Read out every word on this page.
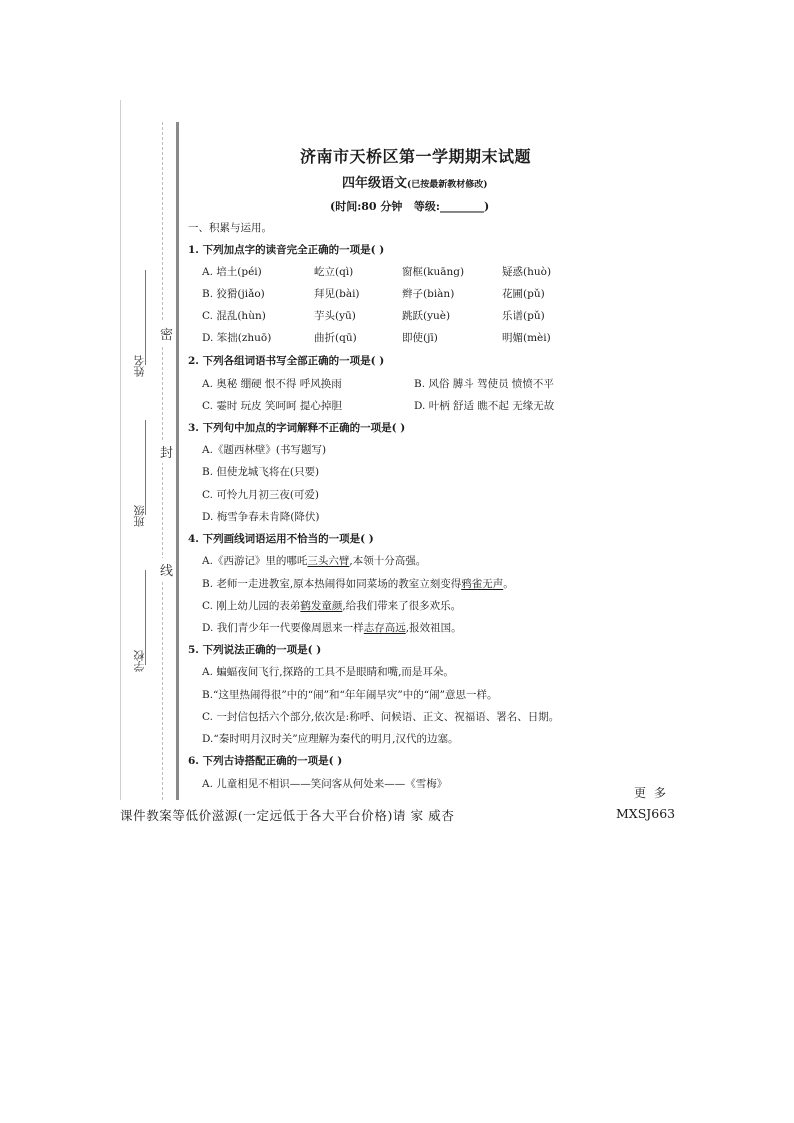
密
封
线
姓名
班级
学校
济南市天桥区第一学期期末试题
四年级语文(已按最新教材修改)
(时间:80 分钟   等级:________)
一、积累与运用。
1. 下列加点字的读音完全正确的一项是( )
A. 培土(péi)	屹立(qì)	窗框(kuāng)	疑惑(huò)
B. 狡猾(jiǎo)	拜见(bài)	辫子(biàn)	花圃(pǔ)
C. 混乱(hùn)	芋头(yū)	跳跃(yuè)	乐谱(pǔ)
D. 笨拙(zhuō)	曲折(qū)	即使(jī)	明媚(mèi)
2. 下列各组词语书写全部正确的一项是( )
A. 奥秘 绷硬 恨不得 呼风换雨	B. 风俗 膊斗 驾使员 愤愤不平
C. 霎时 玩皮 笑呵呵 提心掉胆	D. 叶柄 舒适 瞧不起 无缘无故
3. 下列句中加点的字词解释不正确的一项是( )
A.《题西林壁》(书写题写)
B. 但使龙城飞将在(只要)
C. 可怜九月初三夜(可爱)
D. 梅雪争春未肯降(降伏)
4. 下列画线词语运用不恰当的一项是( )
A.《西游记》里的哪吒三头六臂,本领十分高强。
B. 老师一走进教室,原本热闹得如同菜场的教室立刻变得鸦雀无声。
C. 刚上幼儿园的表弟鹤发童颜,给我们带来了很多欢乐。
D. 我们青少年一代要像周恩来一样志存高远,报效祖国。
5. 下列说法正确的一项是( )
A. 蝙蝠夜间飞行,探路的工具不是眼睛和嘴,而是耳朵。
B.“这里热闹得很”中的“闹”和“年年闹旱灾”中的“闹”意思一样。
C. 一封信包括六个部分,依次是:称呼、问候语、正文、祝福语、署名、日期。
D.“秦时明月汉时关”应理解为秦代的明月,汉代的边塞。
6. 下列古诗搭配正确的一项是( )
A. 儿童相见不相识——笑问客从何处来——《雪梅》
更多
课件教案等低价滋源(一定远低于各大平台价格)请 家 威杏	MXSJ663
